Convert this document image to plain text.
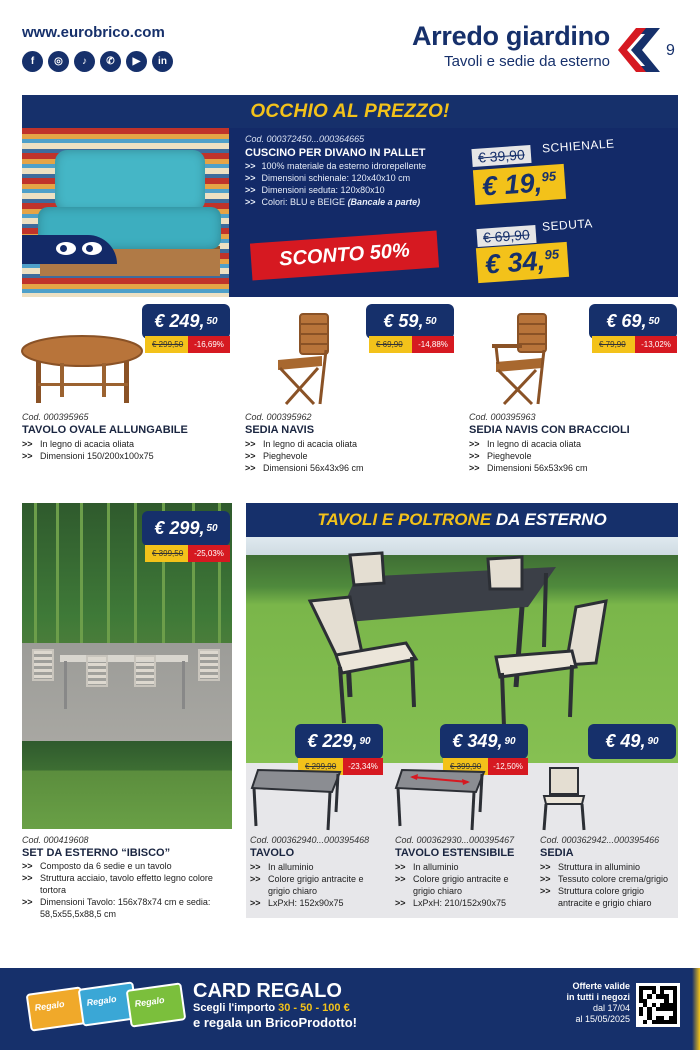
www.eurobrico.com
f	◎	♪	✆	▶	in
Arredo giardino
Tavoli e sedie da esterno
9
OCCHIO AL PREZZO!
Cod. 000372450...000364665
CUSCINO PER DIVANO IN PALLET
>> 100% materiale da esterno idrorepellente
>> Dimensioni schienale: 120x40x10 cm
>> Dimensioni seduta: 120x80x10
>> Colori: BLU e BEIGE (Bancale a parte)
SCONTO 50%
€ 39,90
SCHIENALE
€ 19,95
€ 69,90
SEDUTA
€ 34,95
€ 249, 50
€ 299,50	-16,69%
Cod. 000395965
TAVOLO OVALE ALLUNGABILE
>> In legno di acacia oliata
>> Dimensioni 150/200x100x75
€ 59, 50
€ 69,90	-14,88%
Cod. 000395962
SEDIA NAVIS
>> In legno di acacia oliata
>> Pieghevole
>> Dimensioni 56x43x96 cm
€ 69, 50
€ 79,90	-13,02%
Cod. 000395963
SEDIA NAVIS CON BRACCIOLI
>> In legno di acacia oliata
>> Pieghevole
>> Dimensioni 56x53x96 cm
€ 299, 50
€ 399,50	-25,03%
Cod. 000419608
SET DA ESTERNO “IBISCO”
>> Composto da 6 sedie e un tavolo
>> Struttura acciaio, tavolo effetto legno colore tortora
>> Dimensioni Tavolo: 156x78x74 cm e sedia: 58,5x55,5x88,5 cm
TAVOLI E POLTRONE DA ESTERNO
€ 229, 90	€ 349, 90	€ 49, 90
€ 299,90	-23,34%	€ 399,90	-12,50%
Cod. 000362940...000395468
TAVOLO
>> In alluminio
>> Colore grigio antracite e grigio chiaro
>> LxPxH: 152x90x75
Cod. 000362930...000395467
TAVOLO ESTENSIBILE
>> In alluminio
>> Colore grigio antracite e grigio chiaro
>> LxPxH: 210/152x90x75
Cod. 000362942...000395466
SEDIA
>> Struttura in alluminio
>> Tessuto colore crema/grigio
>> Struttura colore grigio antracite e grigio chiaro
Regalo Regalo Regalo CARD REGALO
Scegli l'importo 30 - 50 - 100 €
e regala un BricoProdotto!
Offerte valide
in tutti i negozi
dal 17/04
al 15/05/2025
